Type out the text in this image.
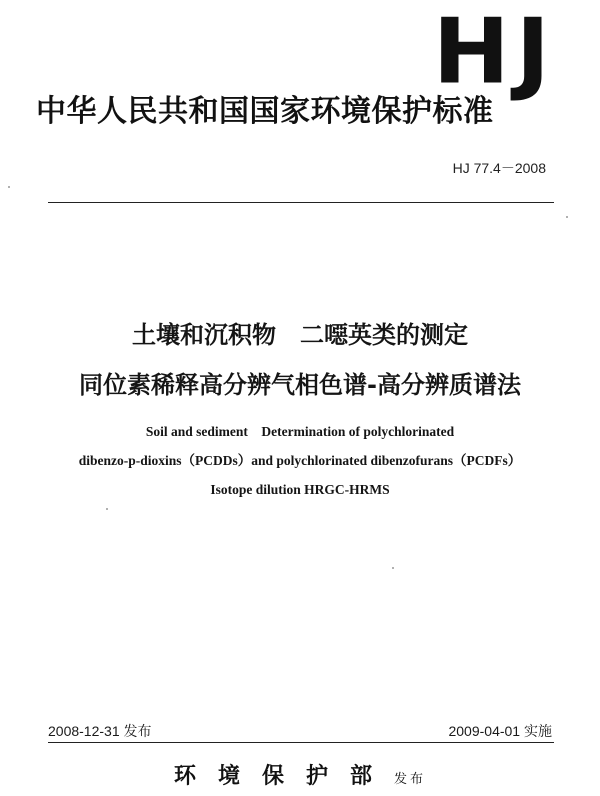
HJ
中华人民共和国国家环境保护标准
HJ 77.4－2008
土壤和沉积物　二噁英类的测定
同位素稀释高分辨气相色谱-高分辨质谱法
Soil and sediment　Determination of polychlorinated
dibenzo-p-dioxins（PCDDs）and polychlorinated dibenzofurans（PCDFs）
Isotope dilution HRGC-HRMS
2008-12-31 发布	2009-04-01 实施
环境保护部发布
